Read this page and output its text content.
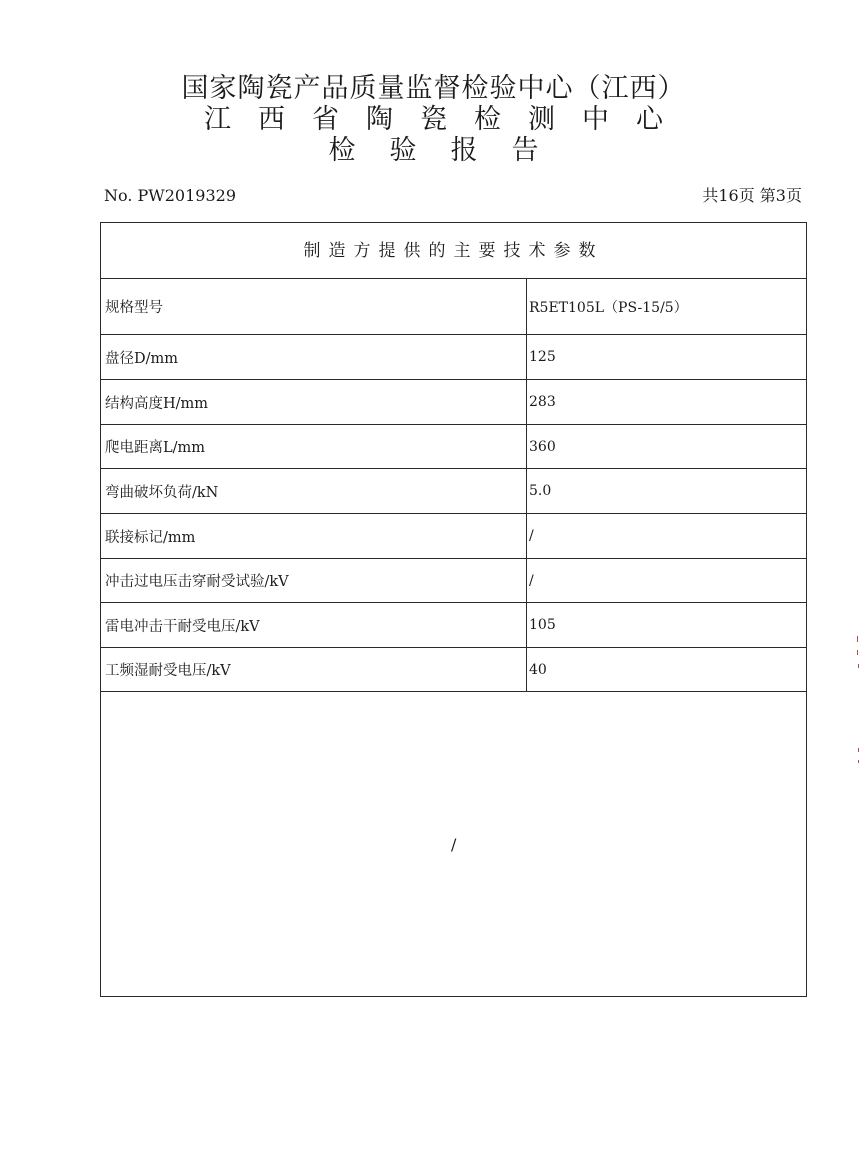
国家陶瓷产品质量监督检验中心（江西）
江西省陶瓷检测中心
检验报告
No. PW2019329	共16页 第3页
制造方提供的主要技术参数
规格型号	R5ET105L（PS-15/5）
盘径D/mm	125
结构高度H/mm	283
爬电距离L/mm	360
弯曲破坏负荷/kN	5.0
联接标记/mm	/
冲击过电压击穿耐受试验/kV	/
雷电冲击干耐受电压/kV	105
工频湿耐受电压/kV	40
/
